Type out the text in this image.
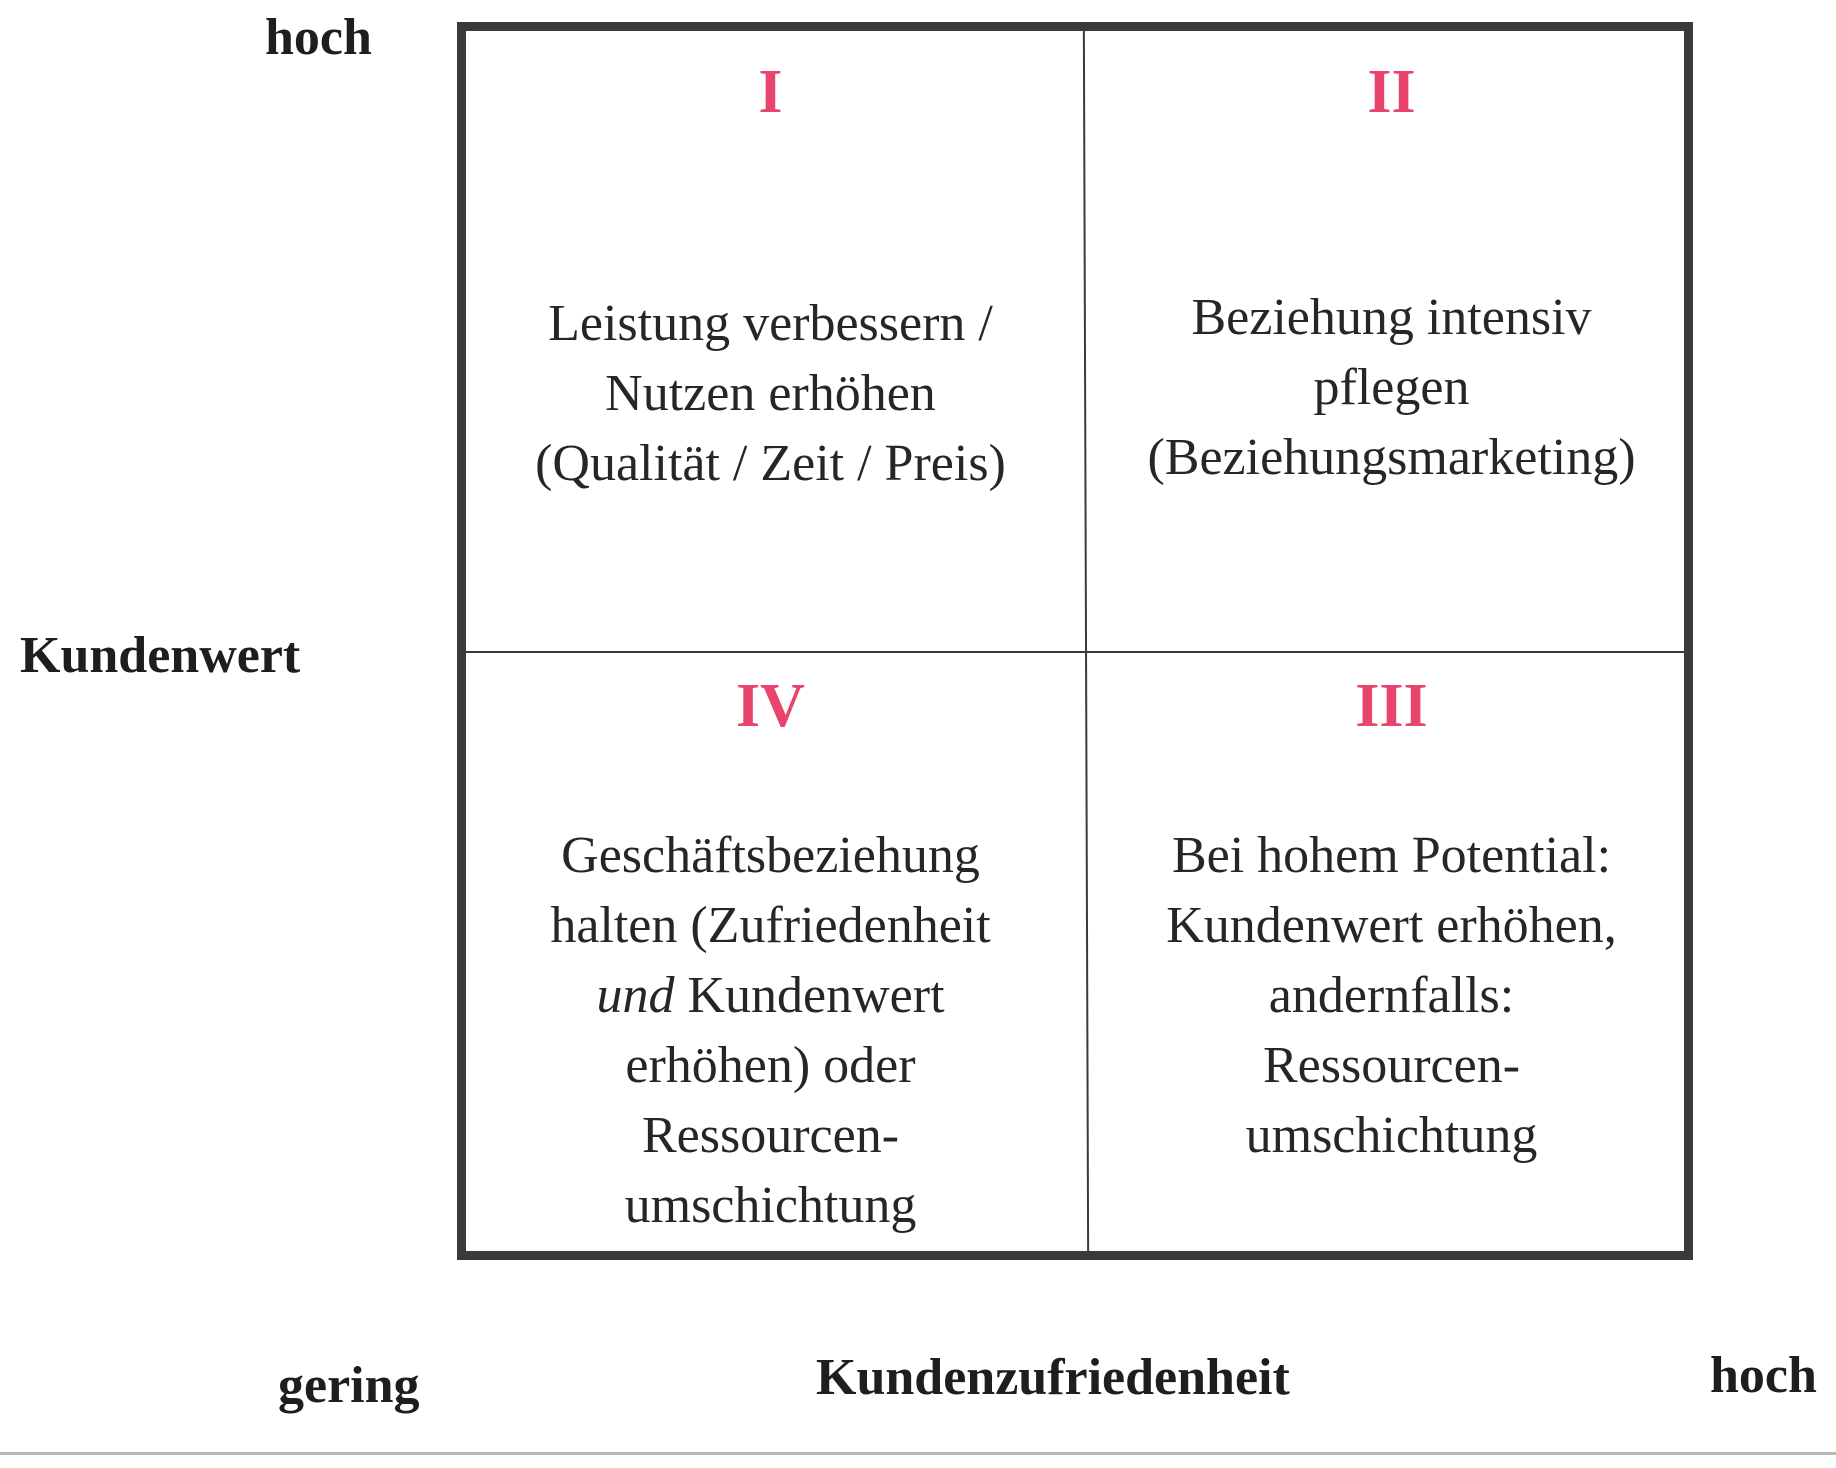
hoch
Kundenwert
gering	Kundenzufriedenheit	hoch
I
Leistung verbessern /
Nutzen erhöhen
(Qualität / Zeit / Preis)
II
Beziehung intensiv
pflegen
(Beziehungsmarketing)
IV
Geschäftsbeziehung
halten (Zufriedenheit
und Kundenwert
erhöhen) oder
Ressourcen-
umschichtung
III
Bei hohem Potential:
Kundenwert erhöhen,
andernfalls:
Ressourcen-
umschichtung
